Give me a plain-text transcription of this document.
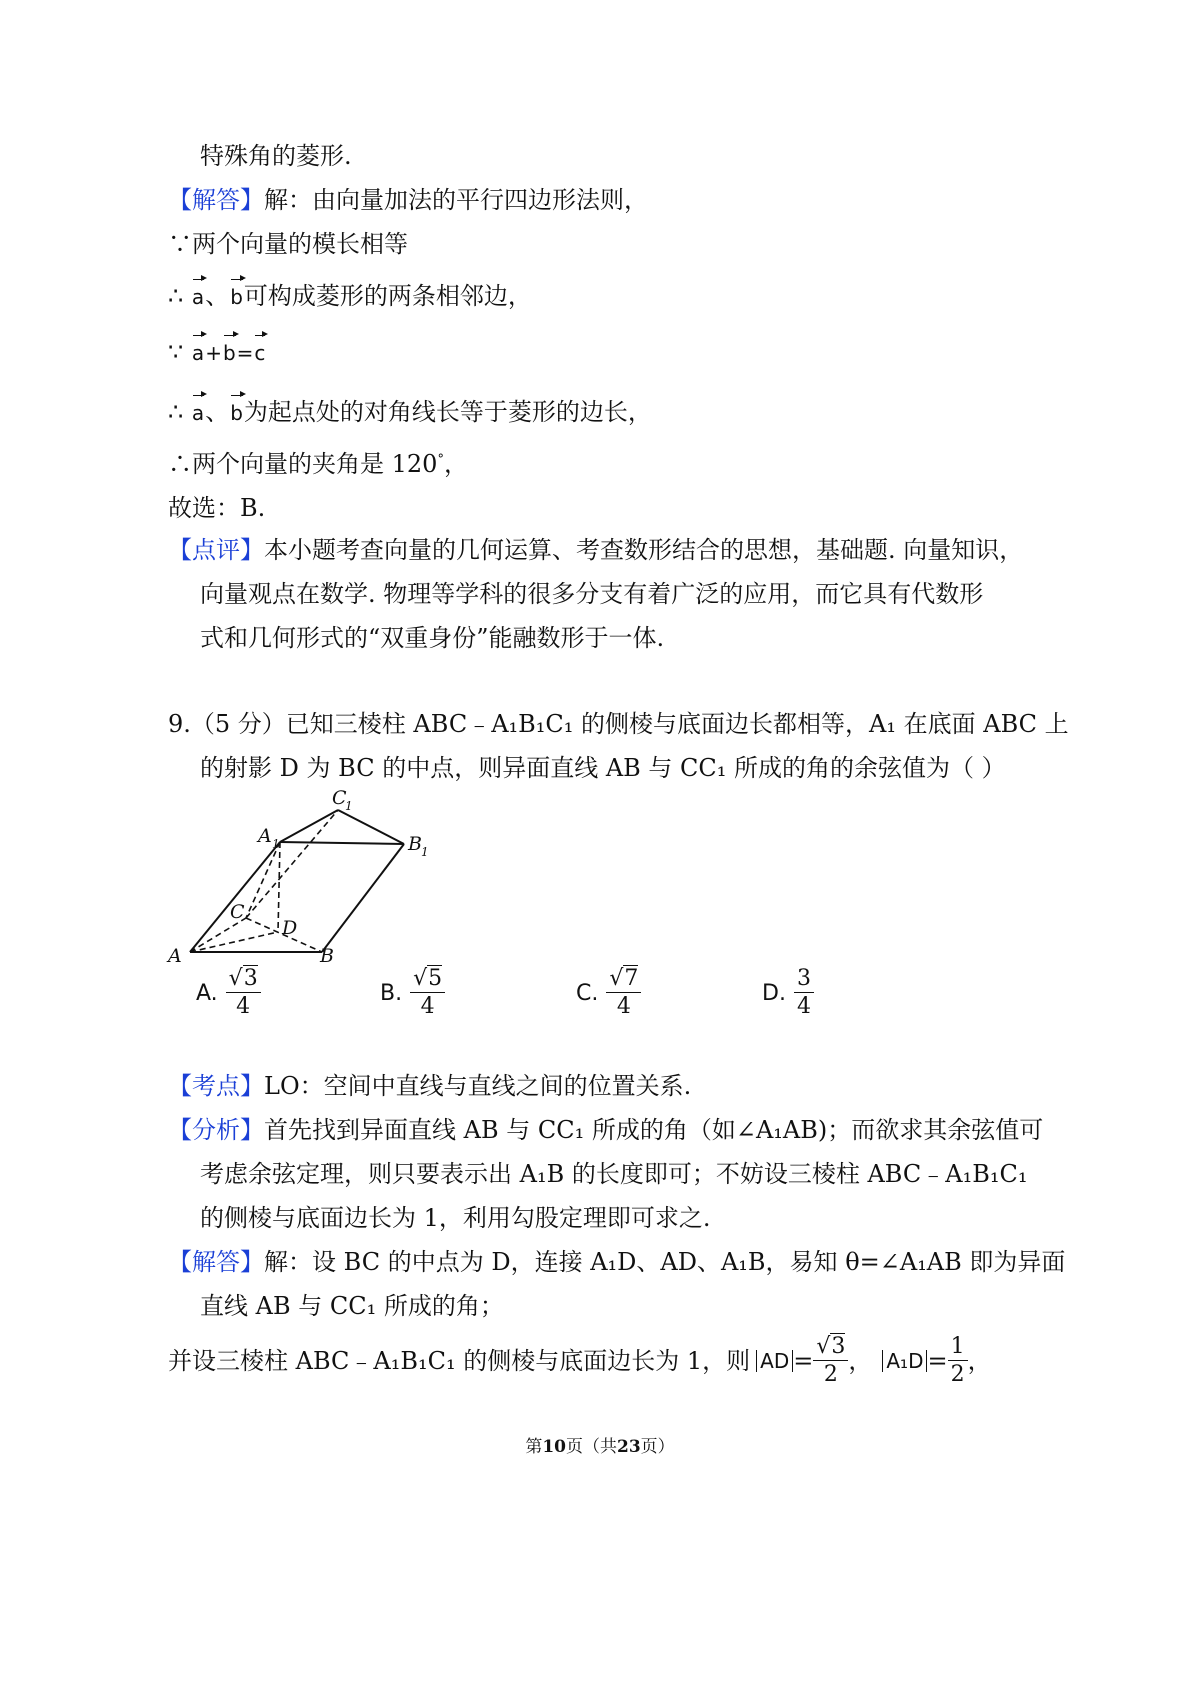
特殊角的菱形.
【解答】解：由向量加法的平行四边形法则，
∵两个向量的模长相等
∴ a、b可构成菱形的两条相邻边，
∵ a+b=c
∴ a、b为起点处的对角线长等于菱形的边长，
∴两个向量的夹角是 120°，
故选：B.
【点评】本小题考查向量的几何运算、考查数形结合的思想，基础题. 向量知识，
向量观点在数学. 物理等学科的很多分支有着广泛的应用，而它具有代数形
式和几何形式的“双重身份”能融数形于一体.
9.（5 分）已知三棱柱 ABC﹣A₁B₁C₁ 的侧棱与底面边长都相等，A₁ 在底面 ABC 上
的射影 D 为 BC 的中点，则异面直线 AB 与 CC₁ 所成的角的余弦值为（ ）
A	B
C
D
A 1	B 1
C
1
A. $\frac{√3}{4}$	B. $\frac{√5}{4}$	C. $\frac{√7}{4}$	D. $\frac{3}{4}$
【考点】LO：空间中直线与直线之间的位置关系.
【分析】首先找到异面直线 AB 与 CC₁ 所成的角（如∠A₁AB)；而欲求其余弦值可
考虑余弦定理，则只要表示出 A₁B 的长度即可；不妨设三棱柱 ABC﹣A₁B₁C₁
的侧棱与底面边长为 1，利用勾股定理即可求之.
【解答】解：设 BC 的中点为 D，连接 A₁D、AD、A₁B，易知 θ=∠A₁AB 即为异面
直线 AB 与 CC₁ 所成的角；
并设三棱柱 ABC﹣A₁B₁C₁ 的侧棱与底面边长为 1，则 AD = $\frac{√3}{2}$ ， $A_1D = \frac{1}{2}$ ，
第10页（共23页）
